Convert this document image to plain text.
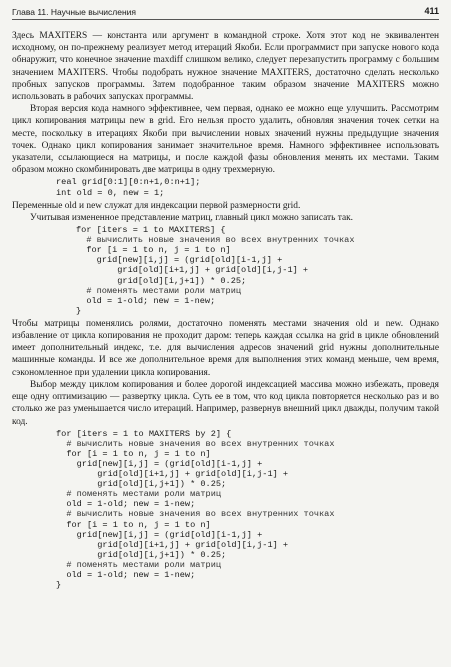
Глава 11. Научные вычисления	411

Здесь MAXITERS — константа или аргумент в командной строке. Хотя этот код не эквивалентен исходному, он по-прежнему реализует метод итераций Якоби. Если программист при запуске нового кода обнаружит, что конечное значение maxdiff слишком велико, следует перезапустить программу с большим значением MAXITERS. Чтобы подобрать нужное значение MAXITERS, достаточно сделать несколько пробных запусков программы. Затем подобранное таким образом значение MAXITERS можно использовать в рабочих запусках программы.

Вторая версия кода намного эффективнее, чем первая, однако ее можно еще улучшить. Рассмотрим цикл копирования матрицы new в grid. Его нельзя просто удалить, обновляя значения точек сетки на месте, поскольку в итерациях Якоби при вычислении новых значений нужны предыдущие значения точек. Однако цикл копирования занимает значительное время. Намного эффективнее использовать указатели, ссылающиеся на матрицы, и после каждой фазы обновления менять их местами. Таким образом можно скомбинировать две матрицы в одну трехмерную.

real grid[0:1][0:n+1,0:n+1];
int old = 0, new = 1;

Переменные old и new служат для индексации первой размерности grid.

Учитывая измененное представление матриц, главный цикл можно записать так.

for [iters = 1 to MAXITERS] {
# вычислить новые значения во всех внутренних точках
for [i = 1 to n, j = 1 to n]
grid[new][i,j] = (grid[old][i-1,j] +
grid[old][i+1,j] + grid[old][i,j-1] +
grid[old][i,j+1]) * 0.25;
# поменять местами роли матриц
old = 1-old; new = 1-new;
}

Чтобы матрицы поменялись ролями, достаточно поменять местами значения old и new. Однако избавление от цикла копирования не проходит даром: теперь каждая ссылка на grid в цикле обновлений имеет дополнительный индекс, т.е. для вычисления адресов значений grid нужны дополнительные машинные команды. И все же дополнительное время для выполнения этих команд меньше, чем время, сэкономленное при удалении цикла копирования.

Выбор между циклом копирования и более дорогой индексацией массива можно избежать, проведя еще одну оптимизацию — развертку цикла. Суть ее в том, что код цикла повторяется несколько раз и во столько же раз уменьшается число итераций. Например, развернув внешний цикл дважды, получим такой код.

for [iters = 1 to MAXITERS by 2] {
# вычислить новые значения во всех внутренних точках
for [i = 1 to n, j = 1 to n]
grid[new][i,j] = (grid[old][i-1,j] +
grid[old][i+1,j] + grid[old][i,j-1] +
grid[old][i,j+1]) * 0.25;
# поменять местами роли матриц
old = 1-old; new = 1-new;
# вычислить новые значения во всех внутренних точках
for [i = 1 to n, j = 1 to n]
grid[new][i,j] = (grid[old][i-1,j] +
grid[old][i+1,j] + grid[old][i,j-1] +
grid[old][i,j+1]) * 0.25;
# поменять местами роли матриц
old = 1-old; new = 1-new;
}
